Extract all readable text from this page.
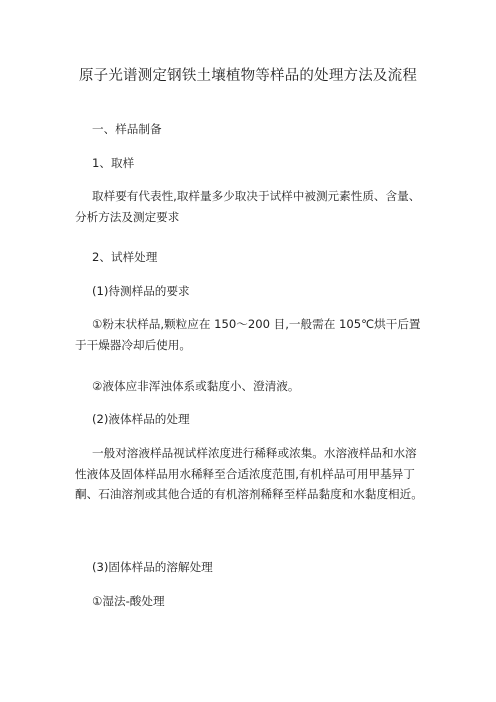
原子光谱测定钢铁土壤植物等样品的处理方法及流程

一、样品制备

1、取样

取样要有代表性,取样量多少取决于试样中被测元素性质、含量、分析方法及测定要求

2、试样处理

(1)待测样品的要求

①粉末状样品,颗粒应在 150～200 目,一般需在 105℃烘干后置于干燥器冷却后使用。

②液体应非浑浊体系或黏度小、澄清液。

(2)液体样品的处理

一般对溶液样品视试样浓度进行稀释或浓集。水溶液样品和水溶性液体及固体样品用水稀释至合适浓度范围,有机样品可用甲基异丁酮、石油溶剂或其他合适的有机溶剂稀释至样品黏度和水黏度相近。

(3)固体样品的溶解处理

①湿法-酸处理
